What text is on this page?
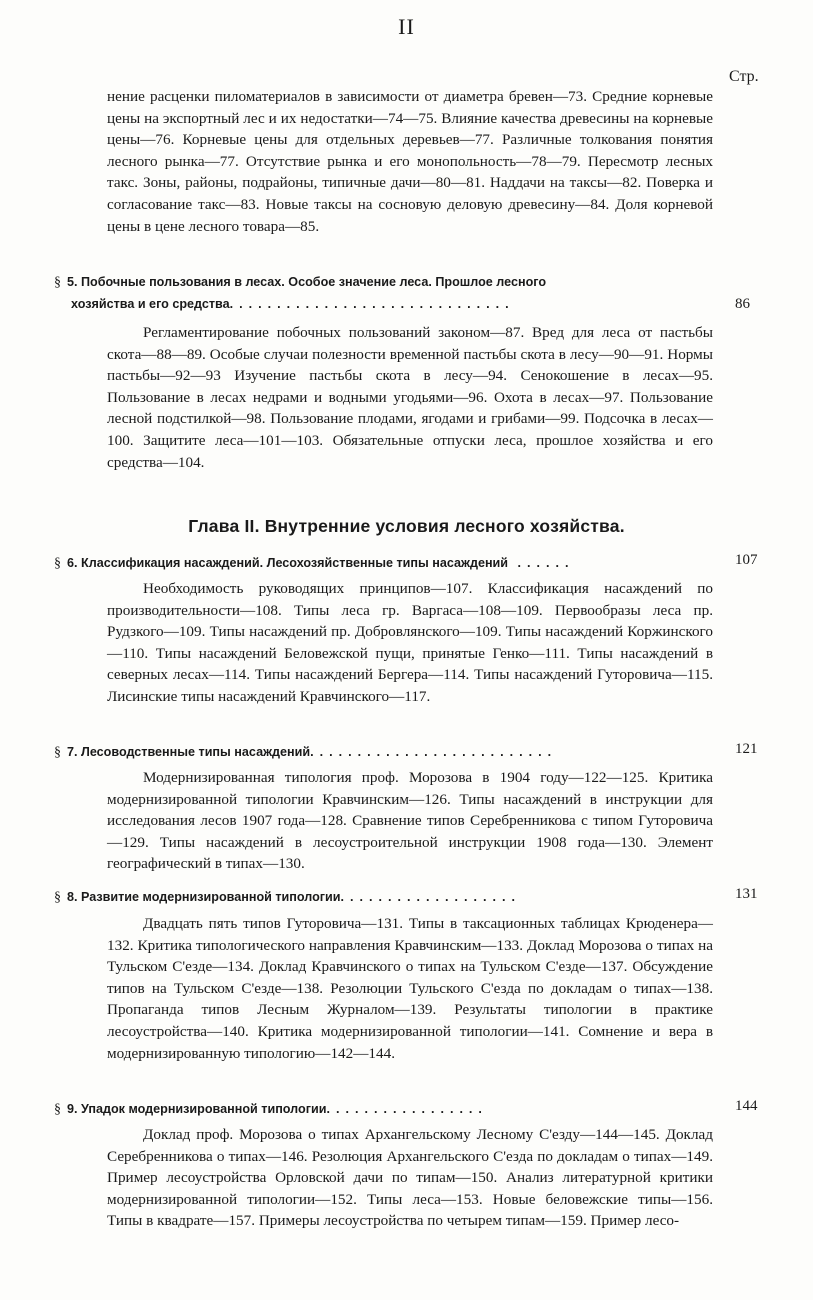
II
Стр.
нение расценки пиломатериалов в зависимости от диаметра бревен—73. Средние корневые цены на экспортный лес и их недостатки—74—75. Влияние качества древесины на корневые цены—76. Корневые цены для отдельных деревьев—77. Различные толкования понятия лесного рынка—77. Отсутствие рынка и его монопольность—78—79. Пересмотр лесных такс. Зоны, районы, подрайоны, типичные дачи—80—81. Наддачи на таксы—82. Поверка и согласование такс—83. Новые таксы на сосновую деловую древесину—84. Доля корневой цены в цене лесного товара—85.
§ 5. Побочные пользования в лесах. Особое значение леса. Прошлое лесного
хозяйства и его средства..............................	86
Регламентирование побочных пользований законом—87. Вред для леса от пастьбы скота—88—89. Особые случаи полезности временной пастьбы скота в лесу—90—91. Нормы пастьбы—92—93 Изучение пастьбы скота в лесу—94. Сенокошение в лесах—95. Пользование в лесах недрами и водными угодьями—96. Охота в лесах—97. Пользование лесной подстилкой—98. Пользование плодами, ягодами и грибами—99. Подсочка в лесах—100. Защитите леса—101—103. Обязательные отпуски леса, прошлое хозяйства и его средства—104.
Глава II. Внутренние условия лесного хозяйства.
§ 6. Классификация насаждений. Лесохозяйственные типы насаждений ......	107
Необходимость руководящих принципов—107. Классификация насаждений по производительности—108. Типы леса гр. Варгаса—108—109. Первообразы леса пр. Рудзкого—109. Типы насаждений пр. Добровлянского—109. Типы насаждений Коржинского—110. Типы насаждений Беловежской пущи, принятые Генко—111. Типы насаждений в северных лесах—114. Типы насаждений Бергера—114. Типы насаждений Гуторовича—115. Лисинские типы насаждений Кравчинского—117.
§ 7. Лесоводственные типы насаждений..........................	121
Модернизированная типология проф. Морозова в 1904 году—122—125. Критика модернизированной типологии Кравчинским—126. Типы насаждений в инструкции для исследования лесов 1907 года—128. Сравнение типов Серебренникова с типом Гуторовича—129. Типы насаждений в лесоустроительной инструкции 1908 года—130. Элемент географический в типах—130.
§ 8. Развитие модернизированной типологии...................	131
Двадцать пять типов Гуторовича—131. Типы в таксационных таблицах Крюденера—132. Критика типологического направления Кравчинским—133. Доклад Морозова о типах на Тульском С'езде—134. Доклад Кравчинского о типах на Тульском С'езде—137. Обсуждение типов на Тульском С'езде—138. Резолюции Тульского С'езда по докладам о типах—138. Пропаганда типов Лесным Журналом—139. Результаты типологии в практике лесоустройства—140. Критика модернизированной типологии—141. Сомнение и вера в модернизированную типологию—142—144.
§ 9. Упадок модернизированной типологии.................	144
Доклад проф. Морозова о типах Архангельскому Лесному С'езду—144—145. Доклад Серебренникова о типах—146. Резолюция Архангельского С'езда по докладам о типах—149. Пример лесоустройства Орловской дачи по типам—150. Анализ литературной критики модернизированной типологии—152. Типы леса—153. Новые беловежские типы—156. Типы в квадрате—157. Примеры лесоустройства по четырем типам—159. Пример лесо-
